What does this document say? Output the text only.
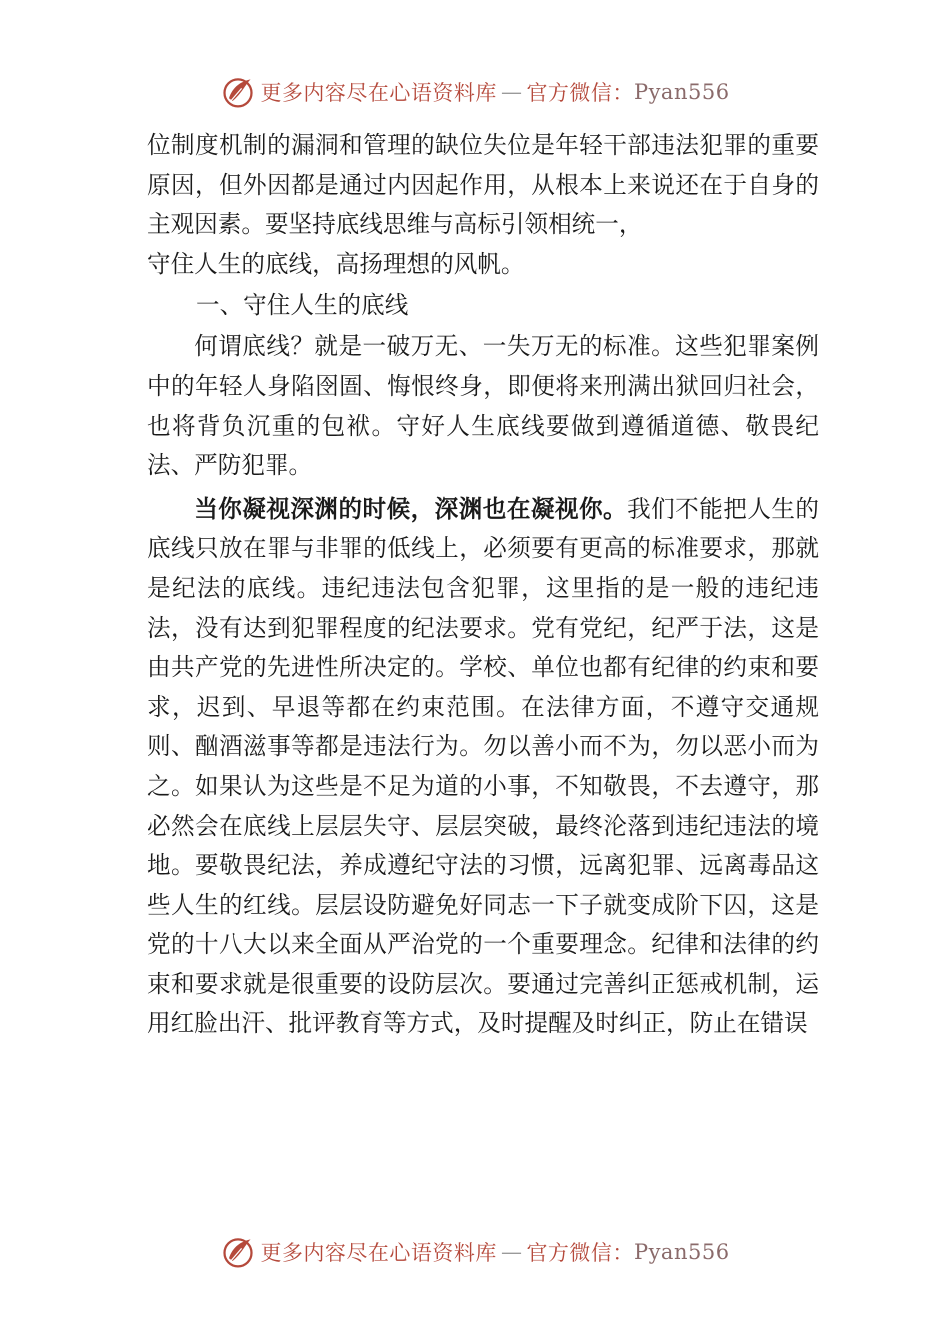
更多内容尽在心语资料库 — 官方微信： Pyan556

位制度机制的漏洞和管理的缺位失位是年轻干部违法犯罪的重要原因，但外因都是通过内因起作用，从根本上来说还在于自身的主观因素。要坚持底线思维与高标引领相统一，

守住人生的底线，高扬理想的风帆。

一、守住人生的底线

何谓底线？就是一破万无、一失万无的标准。这些犯罪案例中的年轻人身陷囹圄、悔恨终身，即便将来刑满出狱回归社会，也将背负沉重的包袱。守好人生底线要做到遵循道德、敬畏纪法、严防犯罪。

当你凝视深渊的时候，深渊也在凝视你。我们不能把人生的底线只放在罪与非罪的低线上，必须要有更高的标准要求，那就是纪法的底线。违纪违法包含犯罪，这里指的是一般的违纪违法，没有达到犯罪程度的纪法要求。党有党纪，纪严于法，这是由共产党的先进性所决定的。学校、单位也都有纪律的约束和要求，迟到、早退等都在约束范围。在法律方面，不遵守交通规则、酗酒滋事等都是违法行为。勿以善小而不为，勿以恶小而为之。如果认为这些是不足为道的小事，不知敬畏，不去遵守，那必然会在底线上层层失守、层层突破，最终沦落到违纪违法的境地。要敬畏纪法，养成遵纪守法的习惯，远离犯罪、远离毒品这些人生的红线。层层设防避免好同志一下子就变成阶下囚，这是党的十八大以来全面从严治党的一个重要理念。纪律和法律的约束和要求就是很重要的设防层次。要通过完善纠正惩戒机制，运用红脸出汗、批评教育等方式，及时提醒及时纠正，防止在错误

更多内容尽在心语资料库 — 官方微信： Pyan556
